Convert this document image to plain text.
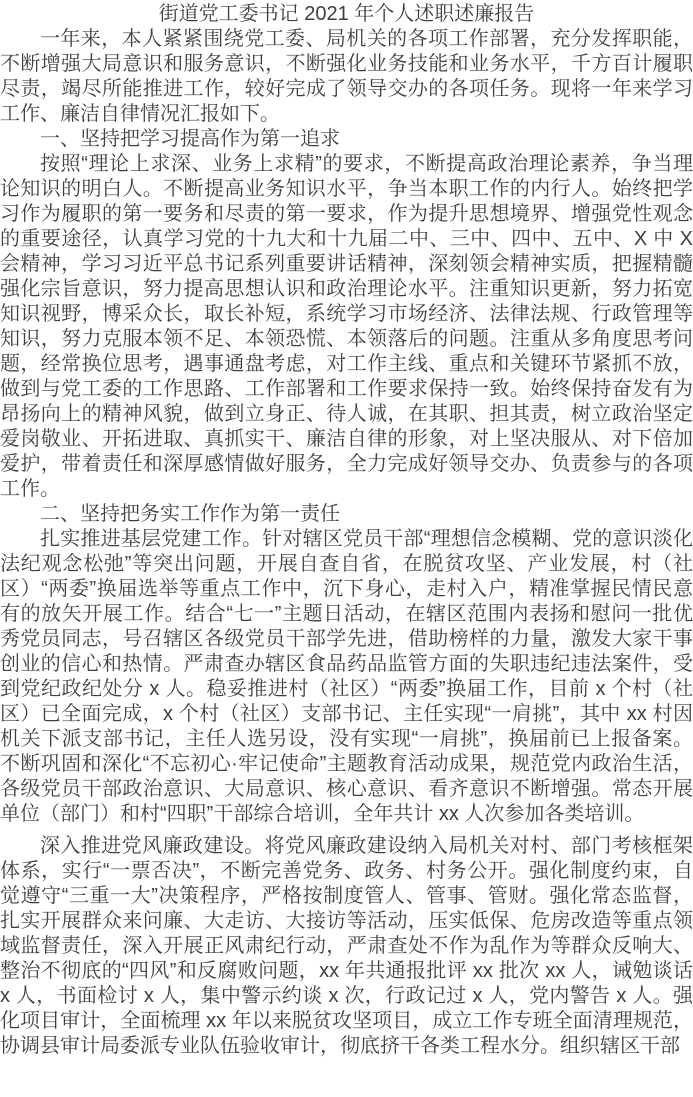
街道党工委书记 2021 年个人述职述廉报告

一年来，本人紧紧围绕党工委、局机关的各项工作部署，充分发挥职能，不断增强大局意识和服务意识，不断强化业务技能和业务水平，千方百计履职尽责，竭尽所能推进工作，较好完成了领导交办的各项任务。现将一年来学习工作、廉洁自律情况汇报如下。

一、坚持把学习提高作为第一追求

按照“理论上求深、业务上求精”的要求，不断提高政治理论素养，争当理论知识的明白人。不断提高业务知识水平，争当本职工作的内行人。始终把学习作为履职的第一要务和尽责的第一要求，作为提升思想境界、增强党性观念的重要途径，认真学习党的十九大和十九届二中、三中、四中、五中、X 中 X 会精神，学习习近平总书记系列重要讲话精神，深刻领会精神实质，把握精髓强化宗旨意识，努力提高思想认识和政治理论水平。注重知识更新，努力拓宽知识视野，博采众长，取长补短，系统学习市场经济、法律法规、行政管理等知识，努力克服本领不足、本领恐慌、本领落后的问题。注重从多角度思考问题，经常换位思考，遇事通盘考虑，对工作主线、重点和关键环节紧抓不放，做到与党工委的工作思路、工作部署和工作要求保持一致。始终保持奋发有为昂扬向上的精神风貌，做到立身正、待人诚，在其职、担其责，树立政治坚定爱岗敬业、开拓进取、真抓实干、廉洁自律的形象，对上坚决服从、对下倍加爱护，带着责任和深厚感情做好服务，全力完成好领导交办、负责参与的各项工作。

二、坚持把务实工作作为第一责任

扎实推进基层党建工作。针对辖区党员干部“理想信念模糊、党的意识淡化法纪观念松弛”等突出问题，开展自查自省，在脱贫攻坚、产业发展，村（社区）“两委”换届选举等重点工作中，沉下身心，走村入户，精准掌握民情民意有的放矢开展工作。结合“七一”主题日活动，在辖区范围内表扬和慰问一批优秀党员同志，号召辖区各级党员干部学先进，借助榜样的力量，激发大家干事创业的信心和热情。严肃查办辖区食品药品监管方面的失职违纪违法案件，受到党纪政纪处分 x 人。稳妥推进村（社区）“两委”换届工作，目前 x 个村（社区）已全面完成，x 个村（社区）支部书记、主任实现“一肩挑”，其中 xx 村因机关下派支部书记，主任人选另设，没有实现“一肩挑”，换届前已上报备案。不断巩固和深化“不忘初心·牢记使命”主题教育活动成果，规范党内政治生活，各级党员干部政治意识、大局意识、核心意识、看齐意识不断增强。常态开展单位（部门）和村“四职”干部综合培训，全年共计 xx 人次参加各类培训。

深入推进党风廉政建设。将党风廉政建设纳入局机关对村、部门考核框架体系，实行“一票否决”，不断完善党务、政务、村务公开。强化制度约束，自觉遵守“三重一大”决策程序，严格按制度管人、管事、管财。强化常态监督，扎实开展群众来问廉、大走访、大接访等活动，压实低保、危房改造等重点领域监督责任，深入开展正风肃纪行动，严肃查处不作为乱作为等群众反响大、整治不彻底的“四风”和反腐败问题，xx 年共通报批评 xx 批次 xx 人，诫勉谈话 x 人，书面检讨 x 人，集中警示约谈 x 次，行政记过 x 人，党内警告 x 人。强化项目审计，全面梳理 xx 年以来脱贫攻坚项目，成立工作专班全面清理规范，协调县审计局委派专业队伍验收审计，彻底挤干各类工程水分。组织辖区干部
